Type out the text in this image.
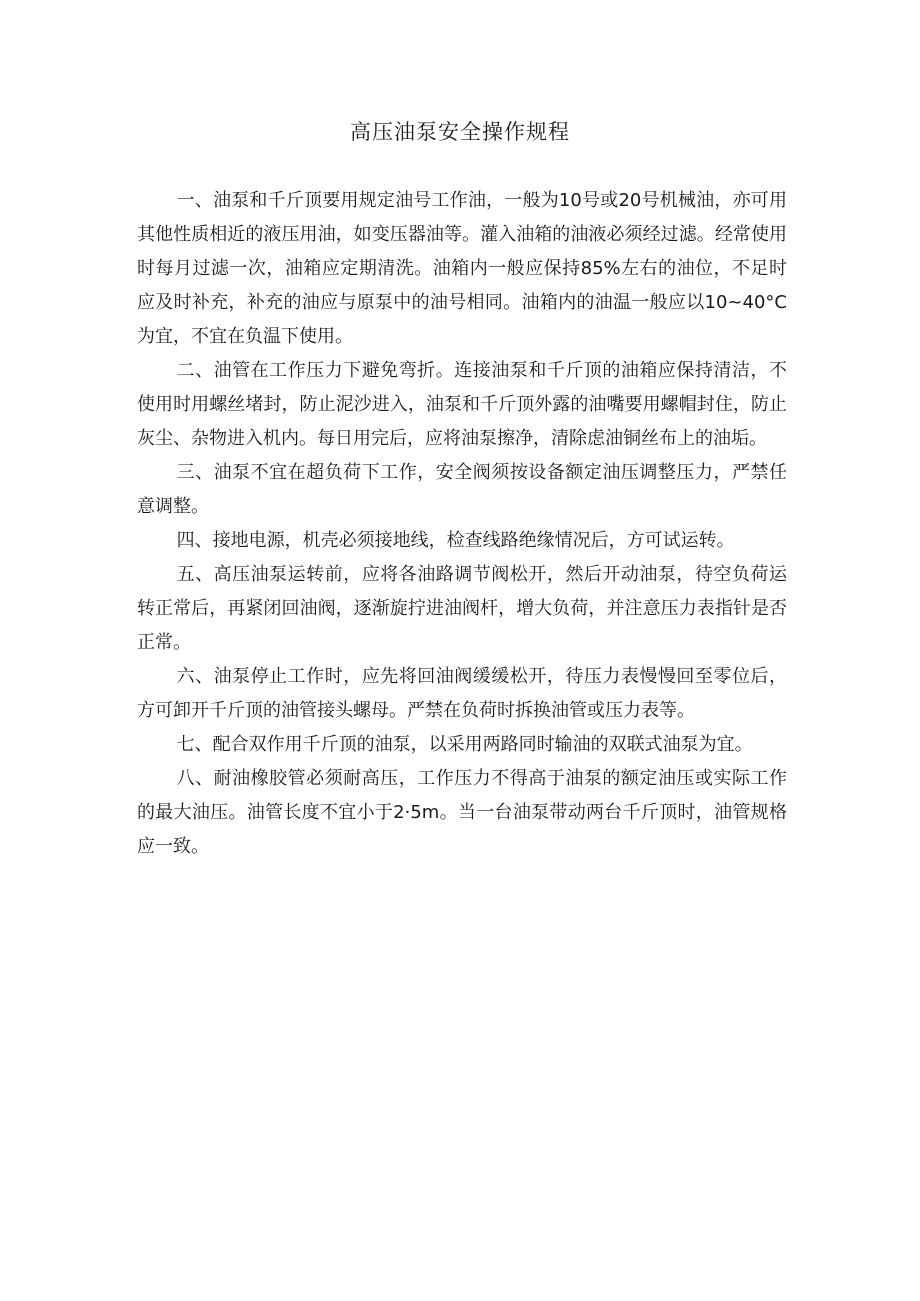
高压油泵安全操作规程

一、油泵和千斤顶要用规定油号工作油，一般为10号或20号机械油，亦可用其他性质相近的液压用油，如变压器油等。灌入油箱的油液必须经过滤。经常使用时每月过滤一次，油箱应定期清洗。油箱内一般应保持85%左右的油位，不足时应及时补充，补充的油应与原泵中的油号相同。油箱内的油温一般应以10~40°C为宜，不宜在负温下使用。

二、油管在工作压力下避免弯折。连接油泵和千斤顶的油箱应保持清洁，不使用时用螺丝堵封，防止泥沙进入，油泵和千斤顶外露的油嘴要用螺帽封住，防止灰尘、杂物进入机内。每日用完后，应将油泵擦净，清除虑油铜丝布上的油垢。

三、油泵不宜在超负荷下工作，安全阀须按设备额定油压调整压力，严禁任意调整。

四、接地电源，机壳必须接地线，检查线路绝缘情况后，方可试运转。

五、高压油泵运转前，应将各油路调节阀松开，然后开动油泵，待空负荷运转正常后，再紧闭回油阀，逐渐旋拧进油阀杆，增大负荷，并注意压力表指针是否正常。

六、油泵停止工作时，应先将回油阀缓缓松开，待压力表慢慢回至零位后，方可卸开千斤顶的油管接头螺母。严禁在负荷时拆换油管或压力表等。

七、配合双作用千斤顶的油泵，以采用两路同时输油的双联式油泵为宜。

八、耐油橡胶管必须耐高压，工作压力不得高于油泵的额定油压或实际工作的最大油压。油管长度不宜小于2·5m。当一台油泵带动两台千斤顶时，油管规格应一致。
